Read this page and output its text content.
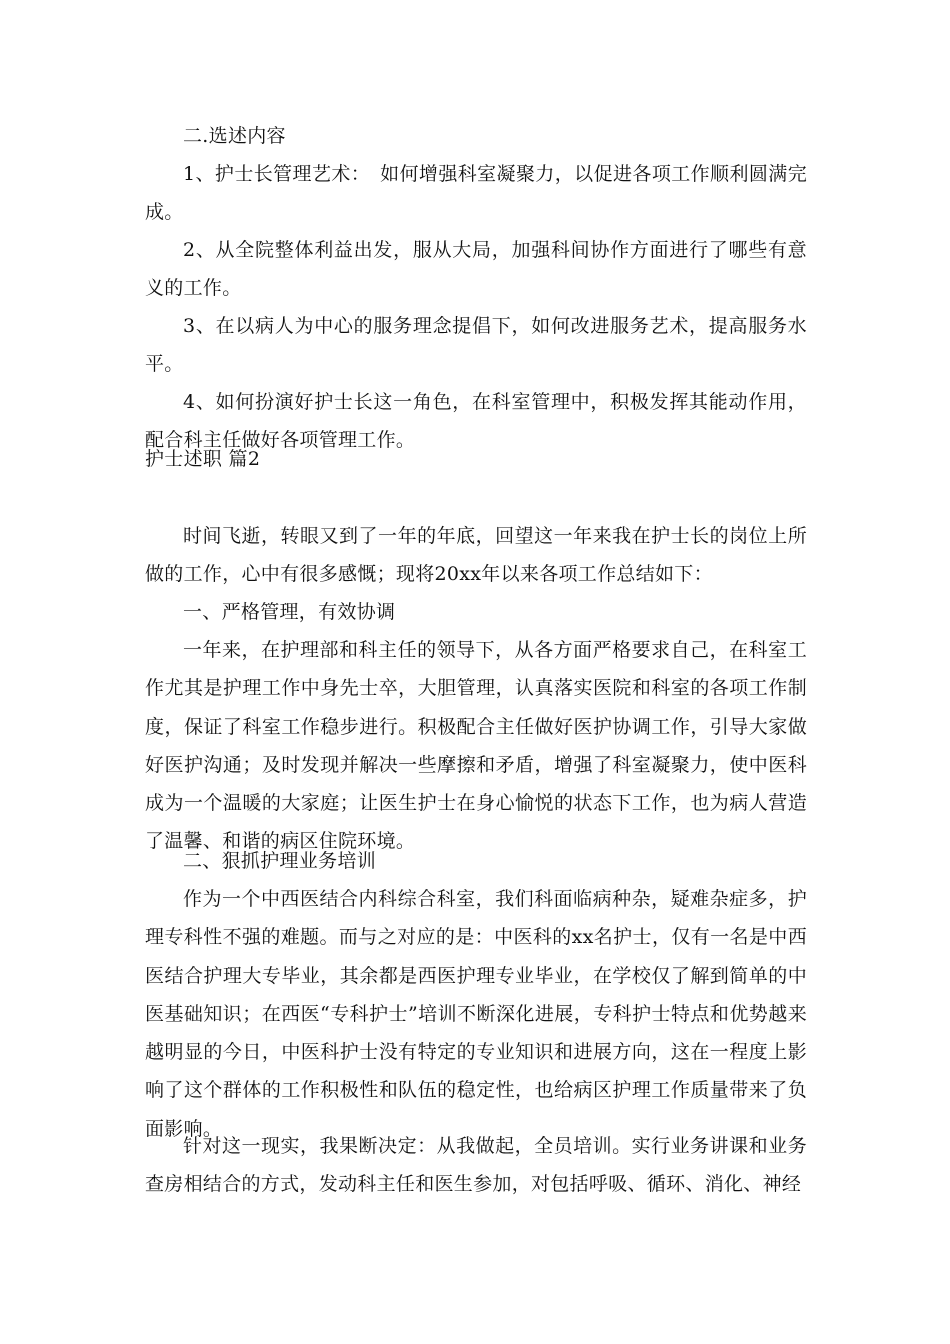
二.选述内容

1、护士长管理艺术：　如何增强科室凝聚力，以促进各项工作顺利圆满完成。

2、从全院整体利益出发，服从大局，加强科间协作方面进行了哪些有意义的工作。

3、在以病人为中心的服务理念提倡下，如何改进服务艺术，提高服务水平。

4、如何扮演好护士长这一角色，在科室管理中，积极发挥其能动作用，配合科主任做好各项管理工作。

护士述职 篇2

时间飞逝，转眼又到了一年的年底，回望这一年来我在护士长的岗位上所做的工作，心中有很多感慨；现将20xx年以来各项工作总结如下：

一、严格管理，有效协调

一年来，在护理部和科主任的领导下，从各方面严格要求自己，在科室工作尤其是护理工作中身先士卒，大胆管理，认真落实医院和科室的各项工作制度，保证了科室工作稳步进行。积极配合主任做好医护协调工作，引导大家做好医护沟通；及时发现并解决一些摩擦和矛盾，增强了科室凝聚力，使中医科成为一个温暖的大家庭；让医生护士在身心愉悦的状态下工作，也为病人营造了温馨、和谐的病区住院环境。

二、狠抓护理业务培训

作为一个中西医结合内科综合科室，我们科面临病种杂，疑难杂症多，护理专科性不强的难题。而与之对应的是：中医科的xx名护士，仅有一名是中西医结合护理大专毕业，其余都是西医护理专业毕业，在学校仅了解到简单的中医基础知识；在西医“专科护士”培训不断深化进展，专科护士特点和优势越来越明显的今日，中医科护士没有特定的专业知识和进展方向，这在一程度上影响了这个群体的工作积极性和队伍的稳定性，也给病区护理工作质量带来了负面影响。

针对这一现实，我果断决定：从我做起，全员培训。实行业务讲课和业务查房相结合的方式，发动科主任和医生参加，对包括呼吸、循环、消化、神经
